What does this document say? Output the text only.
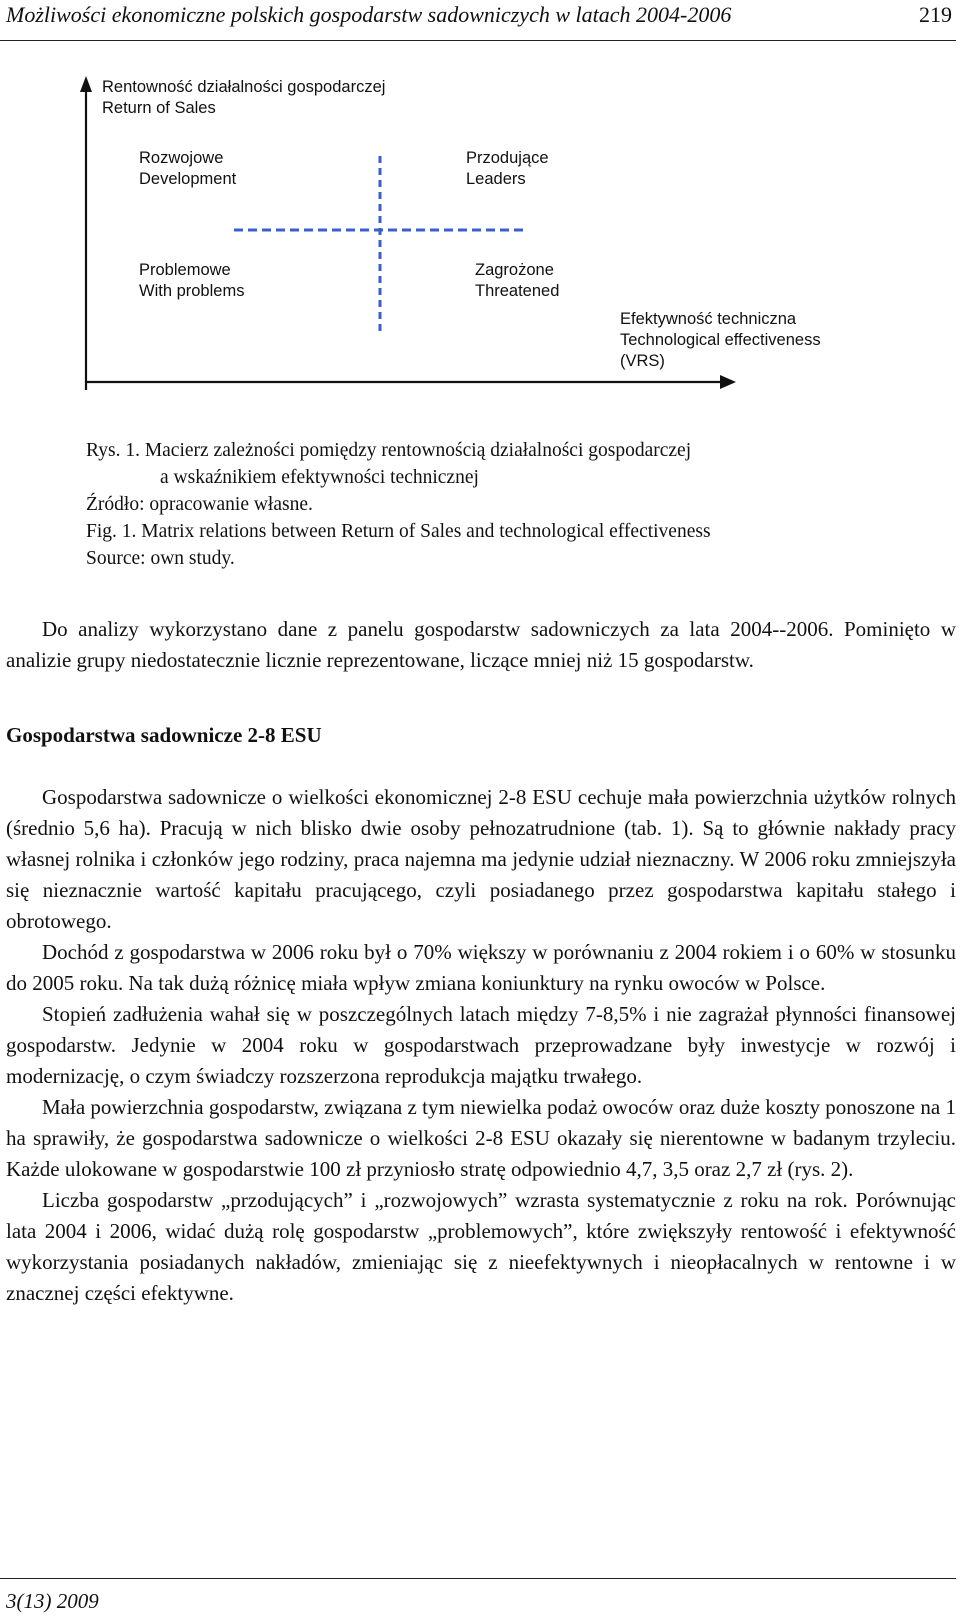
Możliwości ekonomiczne polskich gospodarstw sadowniczych w latach 2004-2006	219
Rentowność działalności gospodarczej
Return of Sales
Rozwojowe
Development
Przodujące
Leaders
Problemowe
With problems
Zagrożone
Threatened
Efektywność techniczna
Technological effectiveness
(VRS)
Rys. 1. Macierz zależności pomiędzy rentownością działalności gospodarczej
a wskaźnikiem efektywności technicznej
Źródło: opracowanie własne.
Fig. 1. Matrix relations between Return of Sales and technological effectiveness
Source: own study.

Do analizy wykorzystano dane z panelu gospodarstw sadowniczych za lata 2004--2006. Pominięto w analizie grupy niedostatecznie licznie reprezentowane, liczące mniej niż 15 gospodarstw.

Gospodarstwa sadownicze 2-8 ESU

Gospodarstwa sadownicze o wielkości ekonomicznej 2-8 ESU cechuje mała powierzchnia użytków rolnych (średnio 5,6 ha). Pracują w nich blisko dwie osoby pełnozatrudnione (tab. 1). Są to głównie nakłady pracy własnej rolnika i członków jego rodziny, praca najemna ma jedynie udział nieznaczny. W 2006 roku zmniejszyła się nieznacznie wartość kapitału pracującego, czyli posiadanego przez gospodarstwa kapitału stałego i obrotowego.

Dochód z gospodarstwa w 2006 roku był o 70% większy w porównaniu z 2004 rokiem i o 60% w stosunku do 2005 roku. Na tak dużą różnicę miała wpływ zmiana koniunktury na rynku owoców w Polsce.

Stopień zadłużenia wahał się w poszczególnych latach między 7-8,5% i nie zagrażał płynności finansowej gospodarstw. Jedynie w 2004 roku w gospodarstwach przeprowadzane były inwestycje w rozwój i modernizację, o czym świadczy rozszerzona reprodukcja majątku trwałego.

Mała powierzchnia gospodarstw, związana z tym niewielka podaż owoców oraz duże koszty ponoszone na 1 ha sprawiły, że gospodarstwa sadownicze o wielkości 2-8 ESU okazały się nierentowne w badanym trzyleciu. Każde ulokowane w gospodarstwie 100 zł przyniosło stratę odpowiednio 4,7, 3,5 oraz 2,7 zł (rys. 2).

Liczba gospodarstw „przodujących” i „rozwojowych” wzrasta systematycznie z roku na rok. Porównując lata 2004 i 2006, widać dużą rolę gospodarstw „problemowych”, które zwiększyły rentowość i efektywność wykorzystania posiadanych nakładów, zmieniając się z nieefektywnych i nieopłacalnych w rentowne i w znacznej części efektywne.

3(13) 2009
